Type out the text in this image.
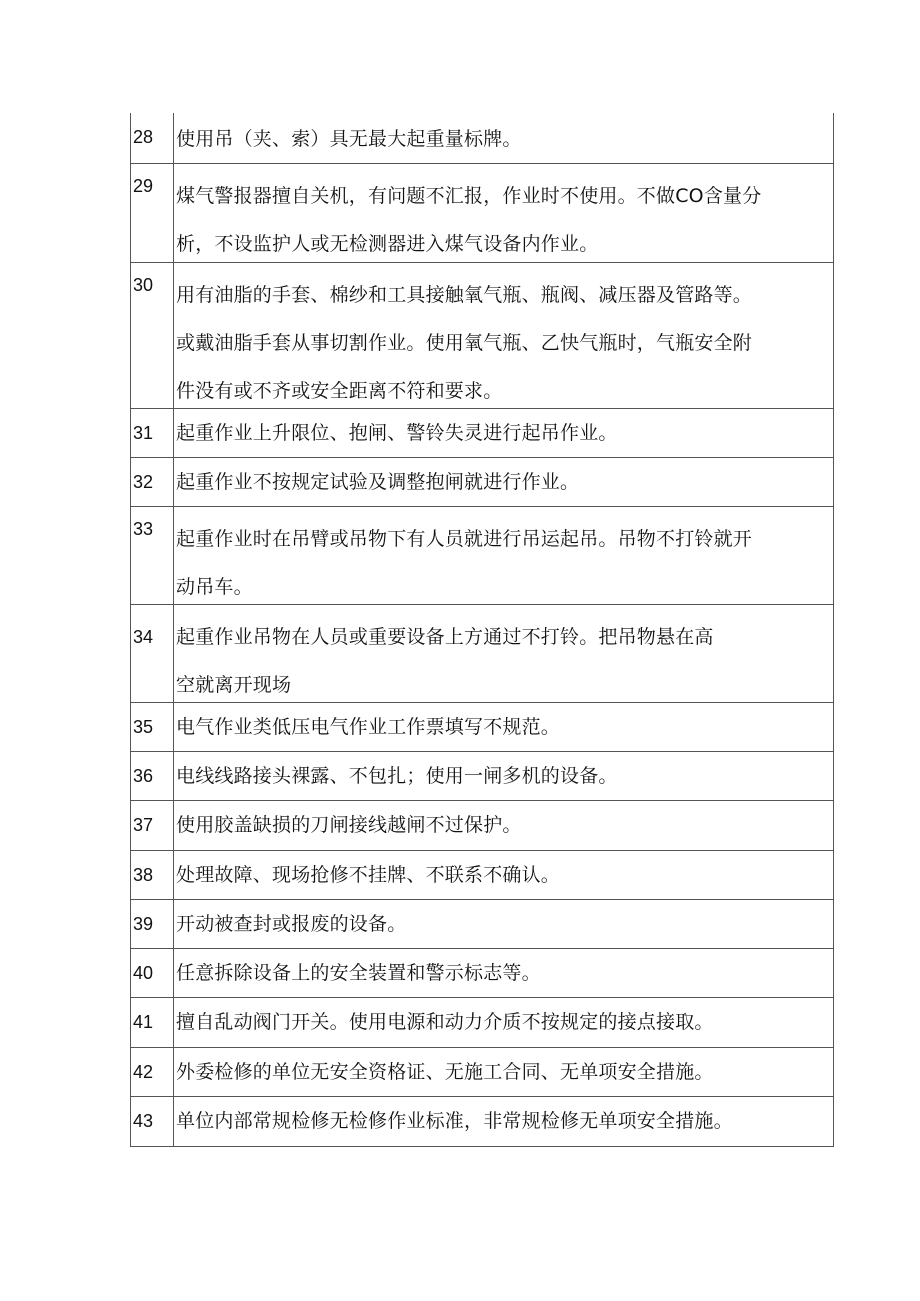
28	使用吊（夹、索）具无最大起重量标牌。
29	煤气警报器擅自关机，有问题不汇报，作业时不使用。不做CO含量分
析，不设监护人或无检测器进入煤气设备内作业。
30	用有油脂的手套、棉纱和工具接触氧气瓶、瓶阀、减压器及管路等。
或戴油脂手套从事切割作业。使用氧气瓶、乙快气瓶时，气瓶安全附
件没有或不齐或安全距离不符和要求。
31	起重作业上升限位、抱闸、警铃失灵进行起吊作业。
32	起重作业不按规定试验及调整抱闸就进行作业。
33	起重作业时在吊臂或吊物下有人员就进行吊运起吊。吊物不打铃就开
动吊车。
34	起重作业吊物在人员或重要设备上方通过不打铃。把吊物悬在高
空就离开现场
35	电气作业类低压电气作业工作票填写不规范。
36	电线线路接头裸露、不包扎；使用一闸多机的设备。
37	使用胶盖缺损的刀闸接线越闸不过保护。
38	处理故障、现场抢修不挂牌、不联系不确认。
39	开动被查封或报废的设备。
40	任意拆除设备上的安全装置和警示标志等。
41	擅自乱动阀门开关。使用电源和动力介质不按规定的接点接取。
42	外委检修的单位无安全资格证、无施工合同、无单项安全措施。
43	单位内部常规检修无检修作业标准，非常规检修无单项安全措施。
